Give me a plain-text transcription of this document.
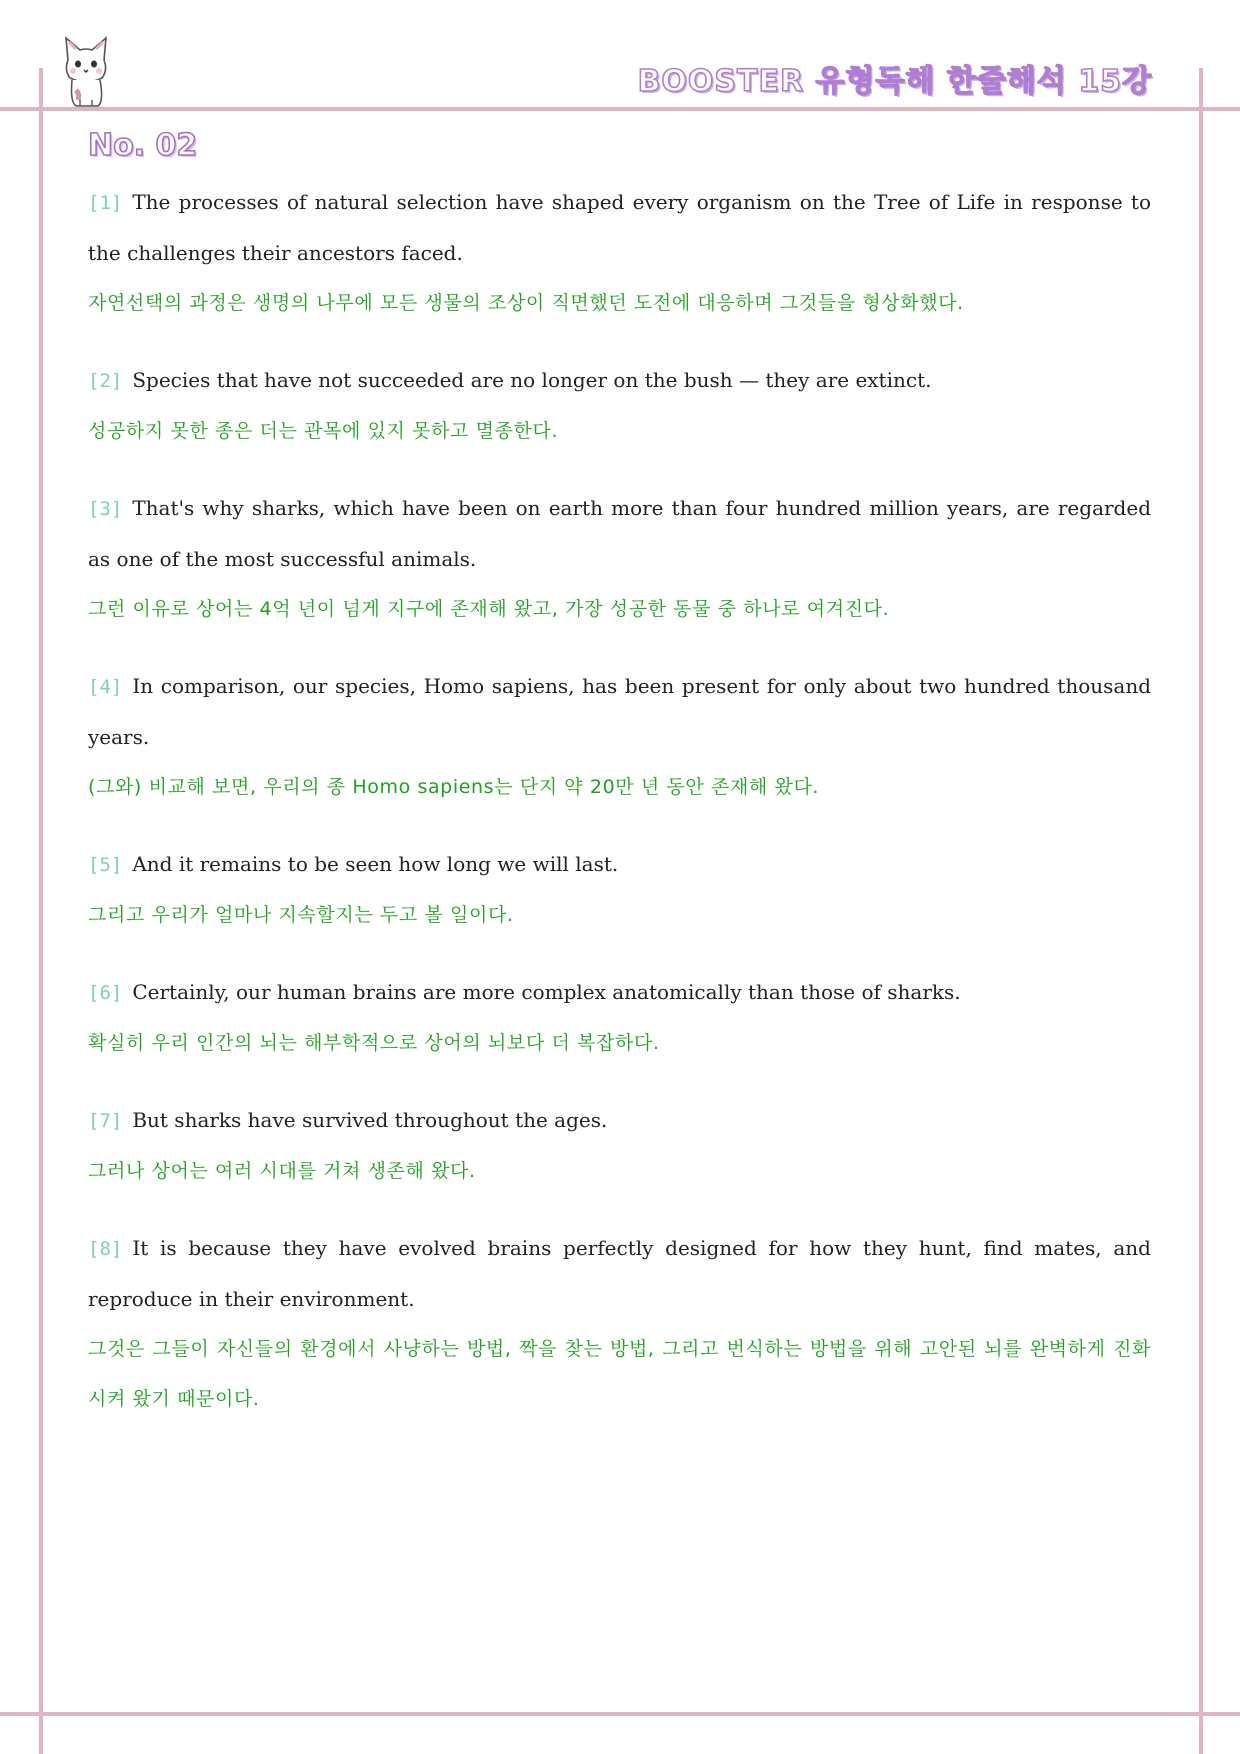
BOOSTER 유형독해 한줄해석 15강
No. 02

[1] The processes of natural selection have shaped every organism on the Tree of Life in response to the challenges their ancestors faced.

자연선택의 과정은 생명의 나무에 모든 생물의 조상이 직면했던 도전에 대응하며 그것들을 형상화했다.

[2] Species that have not succeeded are no longer on the bush — they are extinct.

성공하지 못한 종은 더는 관목에 있지 못하고 멸종한다.

[3] That's why sharks, which have been on earth more than four hundred million years, are regarded as one of the most successful animals.

그런 이유로 상어는 4억 년이 넘게 지구에 존재해 왔고, 가장 성공한 동물 중 하나로 여겨진다.

[4] In comparison, our species, Homo sapiens, has been present for only about two hundred thousand years.

(그와) 비교해 보면, 우리의 종 Homo sapiens는 단지 약 20만 년 동안 존재해 왔다.

[5] And it remains to be seen how long we will last.

그리고 우리가 얼마나 지속할지는 두고 볼 일이다.

[6] Certainly, our human brains are more complex anatomically than those of sharks.

확실히 우리 인간의 뇌는 해부학적으로 상어의 뇌보다 더 복잡하다.

[7] But sharks have survived throughout the ages.

그러나 상어는 여러 시대를 거쳐 생존해 왔다.

[8] It is because they have evolved brains perfectly designed for how they hunt, find mates, and reproduce in their environment.

그것은 그들이 자신들의 환경에서 사냥하는 방법, 짝을 찾는 방법, 그리고 번식하는 방법을 위해 고안된 뇌를 완벽하게 진화시켜 왔기 때문이다.
